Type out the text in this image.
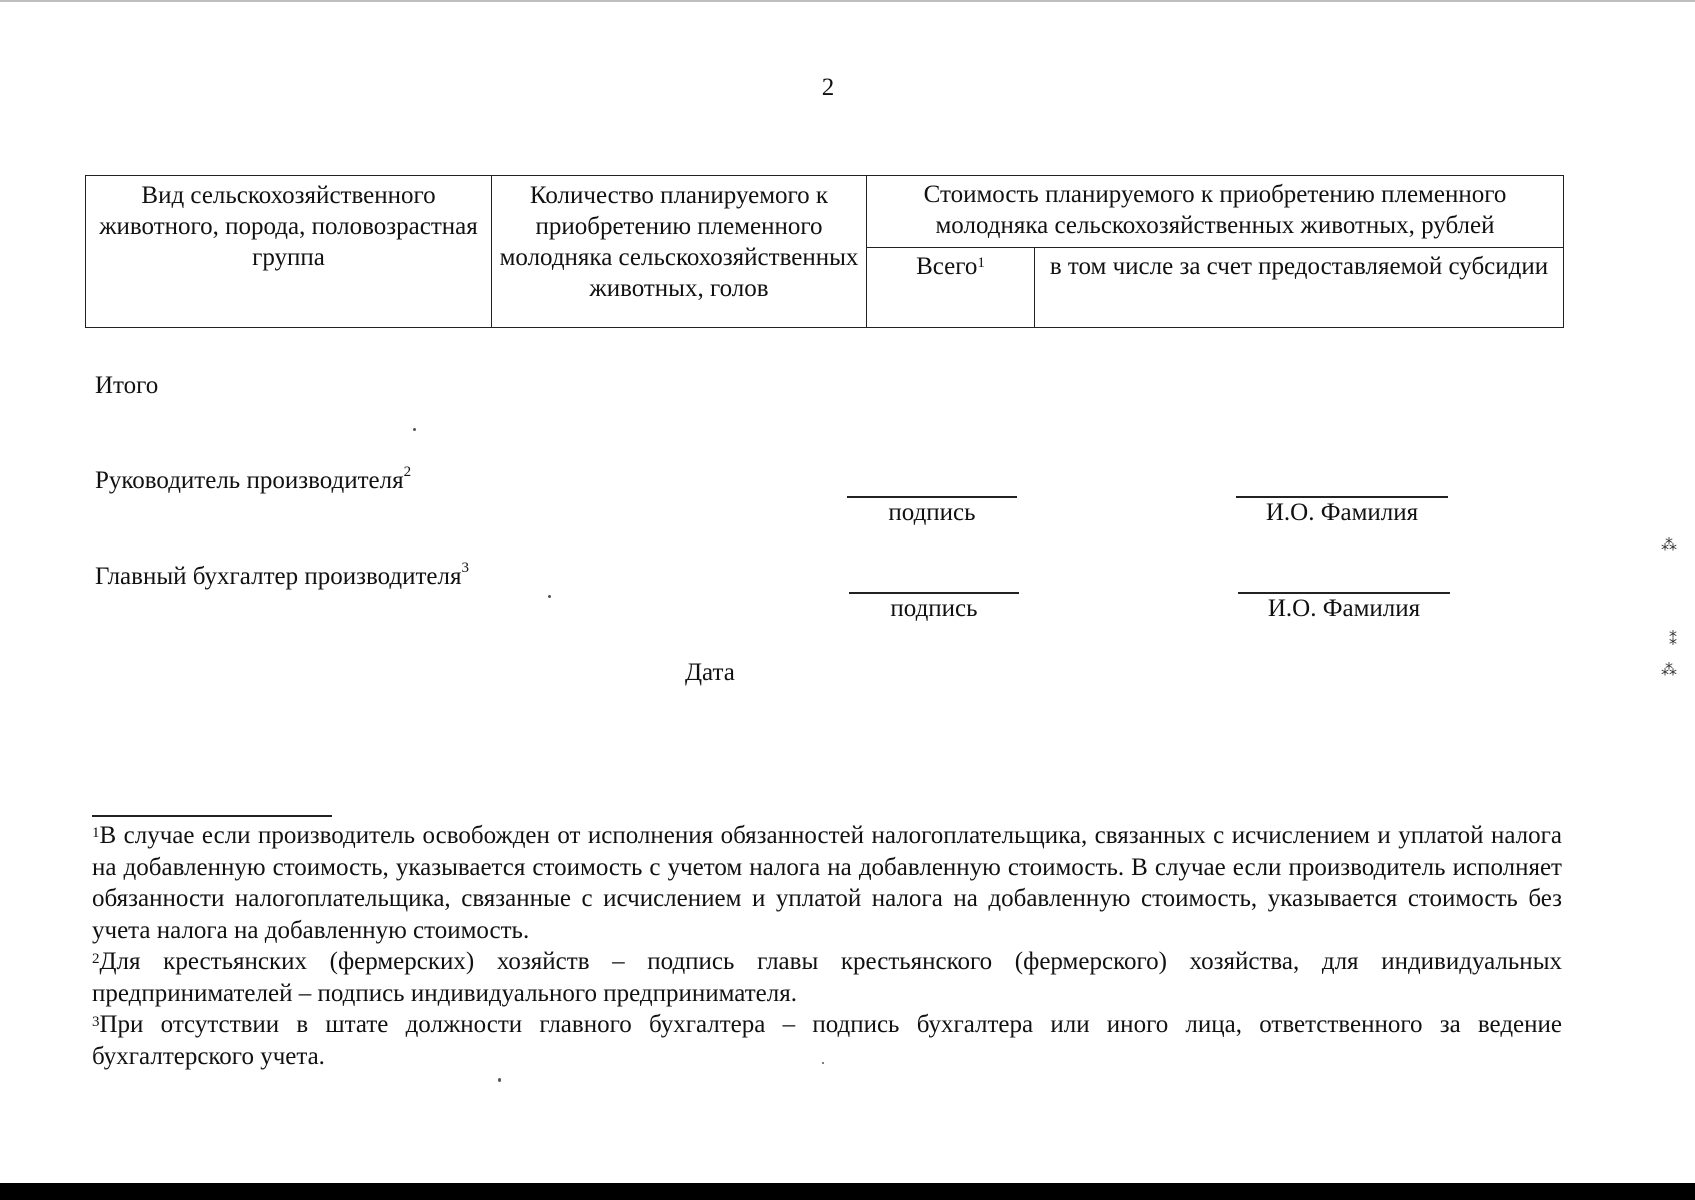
2
Вид сельскохозяйственного животного, порода, половозрастная группа	Количество планируемого к приобретению племенного молодняка сельскохозяйственных животных, голов	Стоимость планируемого к приобретению племенного молодняка сельскохозяйственных животных, рублей	
		Всего$^1$	в том числе за счет предоставляемой субсидии
Итого
Руководитель производителя$^2$
подпись	И.О. Фамилия
Главный бухгалтер производителя$^3$
подпись	И.О. Фамилия
Дата

$^1$В случае если производитель освобожден от исполнения обязанностей налогоплательщика, связанных с исчислением и уплатой налога на добавленную стоимость, указывается стоимость с учетом налога на добавленную стоимость. В случае если производитель исполняет обязанности налогоплательщика, связанные с исчислением и уплатой налога на добавленную стоимость, указывается стоимость без учета налога на добавленную стоимость.

$^2$Для крестьянских (фермерских) хозяйств – подпись главы крестьянского (фермерского) хозяйства, для индивидуальных предпринимателей – подпись индивидуального предпринимателя.

$^3$При отсутствии в штате должности главного бухгалтера – подпись бухгалтера или иного лица, ответственного за ведение бухгалтерского учета.

⁂
⁑
⁂
